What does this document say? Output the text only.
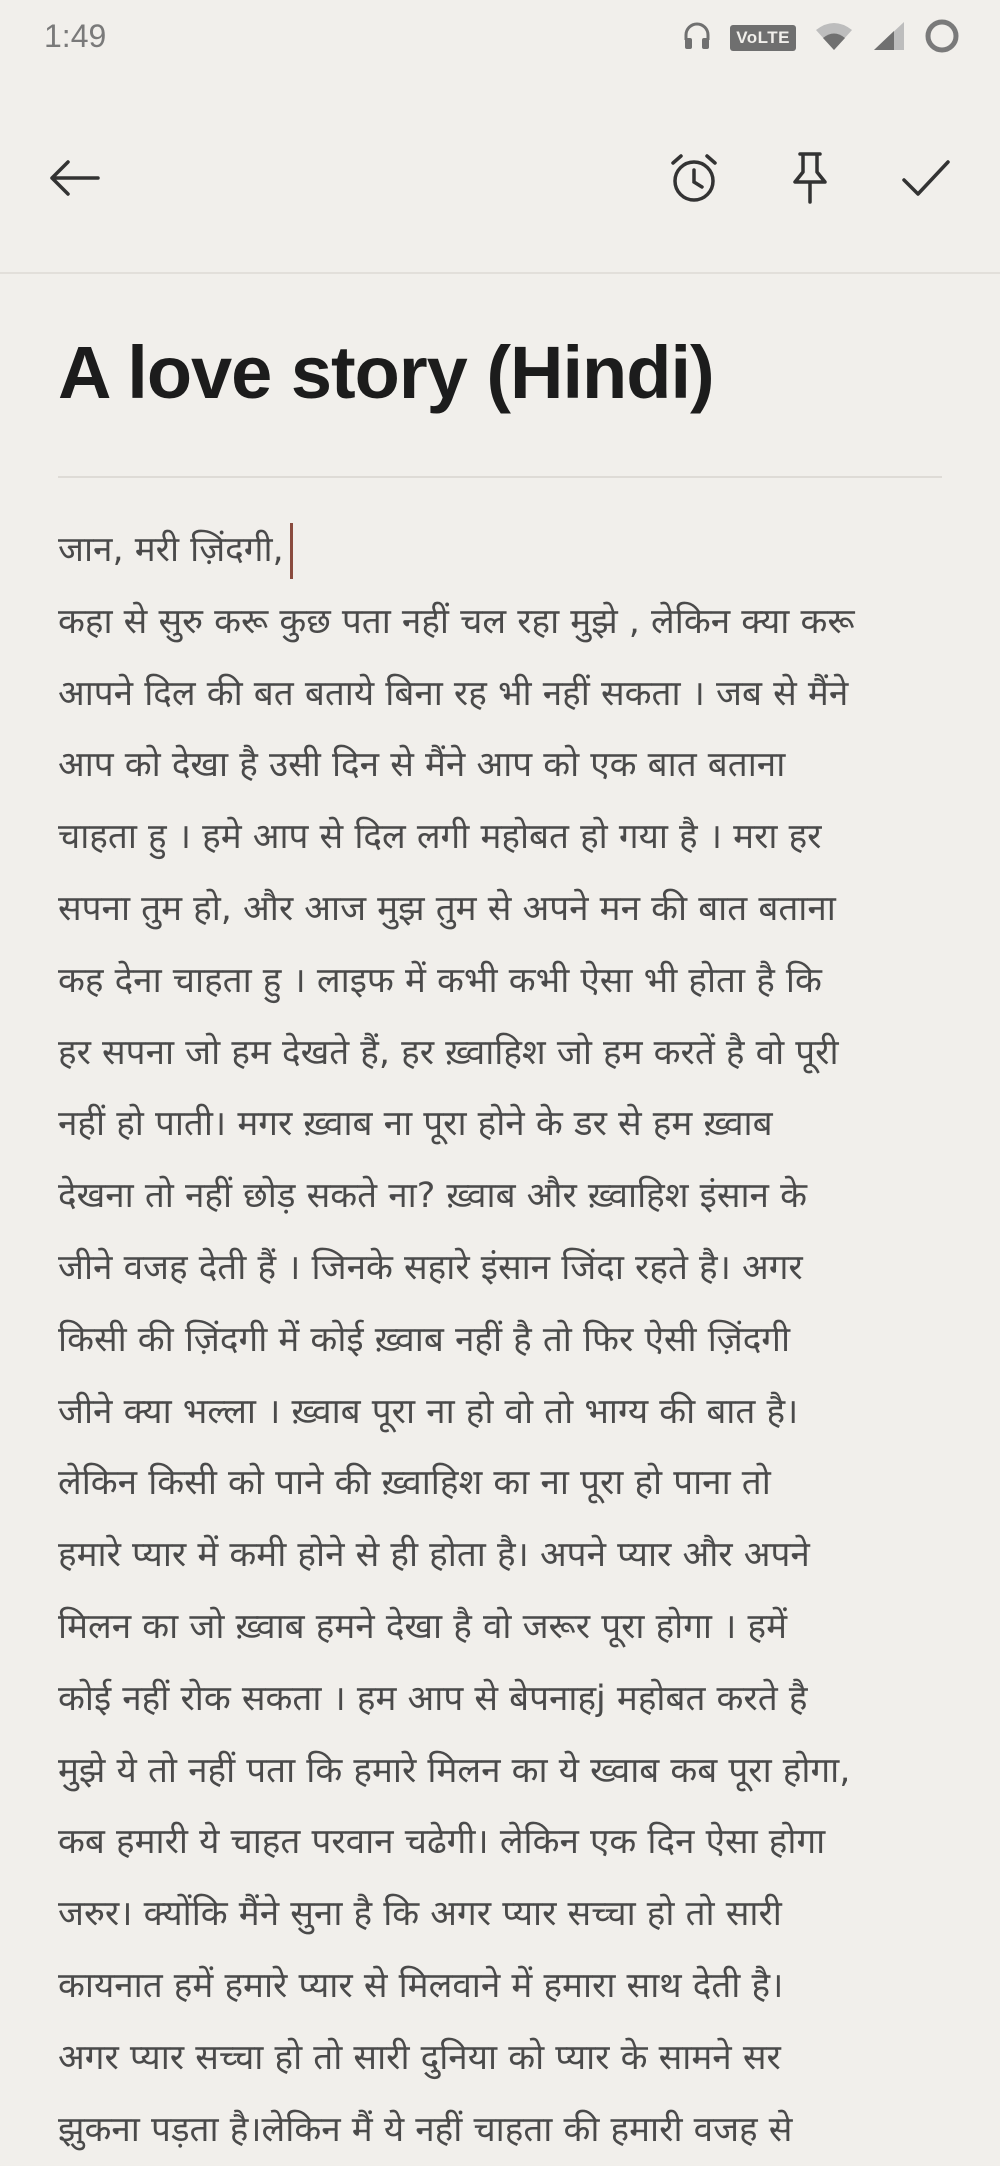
1:49	VoLTE
A love story (Hindi)
जान, मरी ज़िंदगी,
कहा से सुरु करू कुछ पता नहीं चल रहा मुझे , लेकिन क्या करू
आपने दिल की बत बताये बिना रह भी नहीं सकता । जब से मैंने
आप को देखा है उसी दिन से मैंने आप को एक बात बताना
चाहता हु । हमे आप से दिल लगी महोबत हो गया है । मरा हर
सपना तुम हो, और आज मुझ तुम से अपने मन की बात बताना
कह देना चाहता हु । लाइफ में कभी कभी ऐसा भी होता है कि
हर सपना जो हम देखते हैं, हर ख़्वाहिश जो हम करतें है वो पूरी
नहीं हो पाती। मगर ख़्वाब ना पूरा होने के डर से हम ख़्वाब
देखना तो नहीं छोड़ सकते ना? ख़्वाब और ख़्वाहिश इंसान के
जीने वजह देती हैं । जिनके सहारे इंसान जिंदा रहते है। अगर
किसी की ज़िंदगी में कोई ख़्वाब नहीं है तो फिर ऐसी ज़िंदगी
जीने क्या भल्ला । ख़्वाब पूरा ना हो वो तो भाग्य की बात है।
लेकिन किसी को पाने की ख़्वाहिश का ना पूरा हो पाना तो
हमारे प्यार में कमी होने से ही होता है। अपने प्यार और अपने
मिलन का जो ख़्वाब हमने देखा है वो जरूर पूरा होगा । हमें
कोई नहीं रोक सकता । हम आप से बेपनाहj महोबत करते है
मुझे ये तो नहीं पता कि हमारे मिलन का ये ख्वाब कब पूरा होगा,
कब हमारी ये चाहत परवान चढेगी। लेकिन एक दिन ऐसा होगा
जरुर। क्योंकि मैंने सुना है कि अगर प्यार सच्चा हो तो सारी
कायनात हमें हमारे प्यार से मिलवाने में हमारा साथ देती है।
अगर प्यार सच्चा हो तो सारी दुनिया को प्यार के सामने सर
झुकना पड़ता है।लेकिन मैं ये नहीं चाहता की हमारी वजह से
